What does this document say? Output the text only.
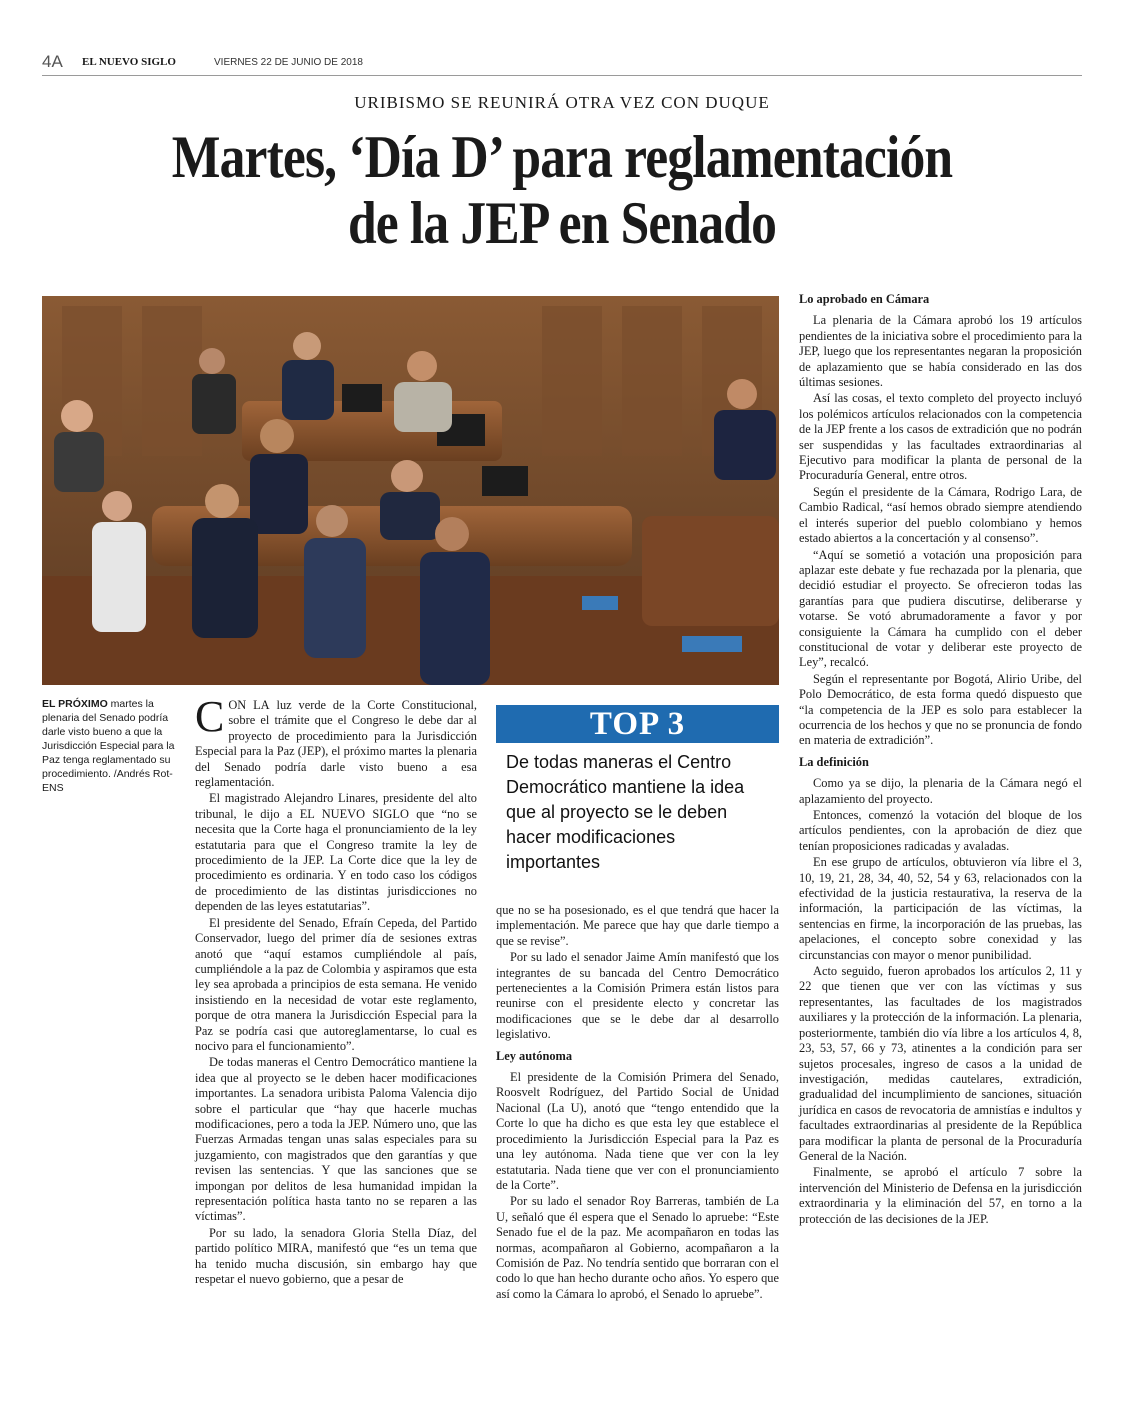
4A EL NUEVO SIGLO	VIERNES 22 DE JUNIO DE 2018
URIBISMO SE REUNIRÁ OTRA VEZ CON DUQUE
Martes, ‘Día D’ para reglamentación
de la JEP en Senado
EL PRÓXIMO martes la plenaria del Senado podría darle visto bueno a que la Jurisdicción Especial para la Paz tenga reglamentado su procedimiento. /Andrés Rot-ENS

CON LA luz verde de la Corte Constitucional, sobre el trámite que el Congreso le debe dar al proyecto de procedimiento para la Jurisdicción Especial para la Paz (JEP), el próximo martes la plenaria del Senado podría darle visto bueno a esa reglamentación.

El magistrado Alejandro Linares, presidente del alto tribunal, le dijo a EL NUEVO SIGLO que “no se necesita que la Corte haga el pronunciamiento de la ley estatutaria para que el Congreso tramite la ley de procedimiento de la JEP. La Corte dice que la ley de procedimiento es ordinaria. Y en todo caso los códigos de procedimiento de las distintas jurisdicciones no dependen de las leyes estatutarias”.

El presidente del Senado, Efraín Cepeda, del Partido Conservador, luego del primer día de sesiones extras anotó que “aquí estamos cumpliéndole al país, cumpliéndole a la paz de Colombia y aspiramos que esta ley sea aprobada a principios de esta semana. He venido insistiendo en la necesidad de votar este reglamento, porque de otra manera la Jurisdicción Especial para la Paz se podría casi que autoreglamentarse, lo cual es nocivo para el funcionamiento”.

De todas maneras el Centro Democrático mantiene la idea que al proyecto se le deben hacer modificaciones importantes. La senadora uribista Paloma Valencia dijo sobre el particular que “hay que hacerle muchas modificaciones, pero a toda la JEP. Número uno, que las Fuerzas Armadas tengan unas salas especiales para su juzgamiento, con magistrados que den garantías y que revisen las sentencias. Y que las sanciones que se impongan por delitos de lesa humanidad impidan la representación política hasta tanto no se reparen a las víctimas”.

Por su lado, la senadora Gloria Stella Díaz, del partido político MIRA, manifestó que “es un tema que ha tenido mucha discusión, sin embargo hay que respetar el nuevo gobierno, que a pesar de

TOP 3
De todas maneras el Centro Democrático mantiene la idea que al proyecto se le deben hacer modificaciones importantes

que no se ha posesionado, es el que tendrá que hacer la implementación. Me parece que hay que darle tiempo a que se revise”.

Por su lado el senador Jaime Amín manifestó que los integrantes de su bancada del Centro Democrático pertenecientes a la Comisión Primera están listos para reunirse con el presidente electo y concretar las modificaciones que se le debe dar al desarrollo legislativo.

Ley autónoma

El presidente de la Comisión Primera del Senado, Roosvelt Rodríguez, del Partido Social de Unidad Nacional (La U), anotó que “tengo entendido que la Corte lo que ha dicho es que esta ley que establece el procedimiento la Jurisdicción Especial para la Paz es una ley autónoma. Nada tiene que ver con la ley estatutaria. Nada tiene que ver con el pronunciamiento de la Corte”.

Por su lado el senador Roy Barreras, también de La U, señaló que él espera que el Senado lo apruebe: “Este Senado fue el de la paz. Me acompañaron en todas las normas, acompañaron al Gobierno, acompañaron a la Comisión de Paz. No tendría sentido que borraran con el codo lo que han hecho durante ocho años. Yo espero que así como la Cámara lo aprobó, el Senado lo apruebe”.

Lo aprobado en Cámara

La plenaria de la Cámara aprobó los 19 artículos pendientes de la iniciativa sobre el procedimiento para la JEP, luego que los representantes negaran la proposición de aplazamiento que se había considerado en las dos últimas sesiones.

Así las cosas, el texto completo del proyecto incluyó los polémicos artículos relacionados con la competencia de la JEP frente a los casos de extradición que no podrán ser suspendidas y las facultades extraordinarias al Ejecutivo para modificar la planta de personal de la Procuraduría General, entre otros.

Según el presidente de la Cámara, Rodrigo Lara, de Cambio Radical, “así hemos obrado siempre atendiendo el interés superior del pueblo colombiano y hemos estado abiertos a la concertación y al consenso”.

“Aquí se sometió a votación una proposición para aplazar este debate y fue rechazada por la plenaria, que decidió estudiar el proyecto. Se ofrecieron todas las garantías para que pudiera discutirse, deliberarse y votarse. Se votó abrumadoramente a favor y por consiguiente la Cámara ha cumplido con el deber constitucional de votar y deliberar este proyecto de Ley”, recalcó.

Según el representante por Bogotá, Alirio Uribe, del Polo Democrático, de esta forma quedó dispuesto que “la competencia de la JEP es solo para establecer la ocurrencia de los hechos y que no se pronuncia de fondo en materia de extradición”.

La definición

Como ya se dijo, la plenaria de la Cámara negó el aplazamiento del proyecto.

Entonces, comenzó la votación del bloque de los artículos pendientes, con la aprobación de diez que tenían proposiciones radicadas y avaladas.

En ese grupo de artículos, obtuvieron vía libre el 3, 10, 19, 21, 28, 34, 40, 52, 54 y 63, relacionados con la efectividad de la justicia restaurativa, la reserva de la información, la participación de las víctimas, la sentencias en firme, la incorporación de las pruebas, las apelaciones, el concepto sobre conexidad y las circunstancias con mayor o menor punibilidad.

Acto seguido, fueron aprobados los artículos 2, 11 y 22 que tienen que ver con las víctimas y sus representantes, las facultades de los magistrados auxiliares y la protección de la información. La plenaria, posteriormente, también dio vía libre a los artículos 4, 8, 23, 53, 57, 66 y 73, atinentes a la condición para ser sujetos procesales, ingreso de casos a la unidad de investigación, medidas cautelares, extradición, gradualidad del incumplimiento de sanciones, situación jurídica en casos de revocatoria de amnistías e indultos y facultades extraordinarias al presidente de la República para modificar la planta de personal de la Procuraduría General de la Nación.

Finalmente, se aprobó el artículo 7 sobre la intervención del Ministerio de Defensa en la jurisdicción extraordinaria y la eliminación del 57, en torno a la protección de las decisiones de la JEP.
